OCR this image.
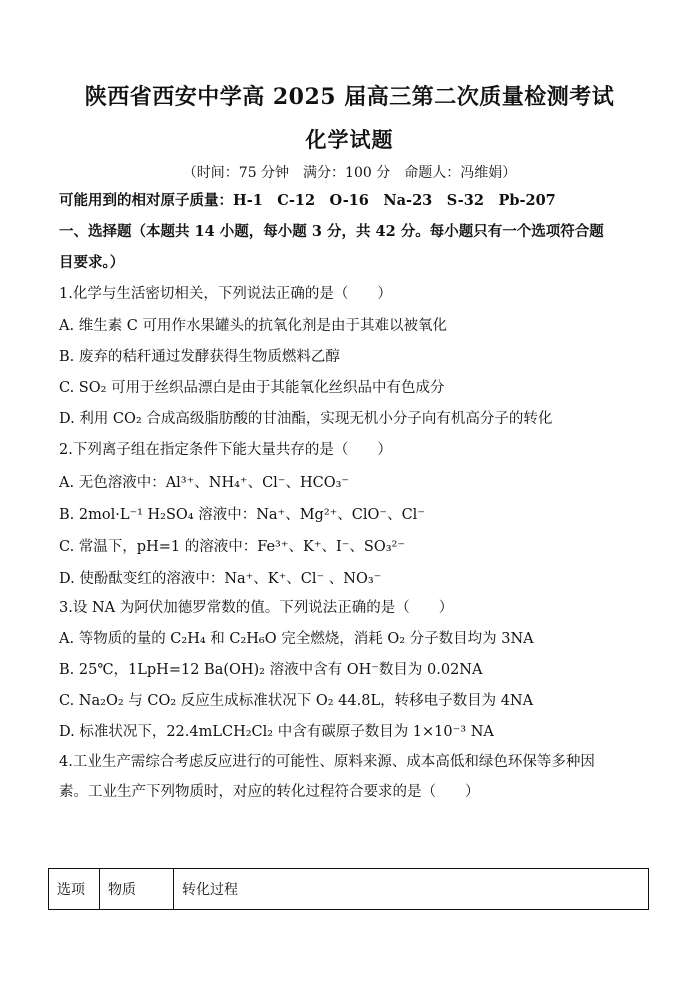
陕西省西安中学高 2025 届高三第二次质量检测考试
化学试题
（时间：75 分钟　满分：100 分　命题人：冯维娟）
可能用到的相对原子质量：H-1　C-12　O-16　Na-23　S-32　Pb-207
一、选择题（本题共 14 小题，每小题 3 分，共 42 分。每小题只有一个选项符合题
目要求。）
1.化学与生活密切相关，下列说法正确的是（　　）
A. 维生素 C 可用作水果罐头的抗氧化剂是由于其难以被氧化
B. 废弃的秸秆通过发酵获得生物质燃料乙醇
C. SO₂ 可用于丝织品漂白是由于其能氧化丝织品中有色成分
D. 利用 CO₂ 合成高级脂肪酸的甘油酯，实现无机小分子向有机高分子的转化
2.下列离子组在指定条件下能大量共存的是（　　）
A. 无色溶液中：Al³⁺、NH₄⁺、Cl⁻、HCO₃⁻
B. 2mol·L⁻¹ H₂SO₄ 溶液中：Na⁺、Mg²⁺、ClO⁻、Cl⁻
C. 常温下，pH=1 的溶液中：Fe³⁺、K⁺、I⁻、SO₃²⁻
D. 使酚酞变红的溶液中：Na⁺、K⁺、Cl⁻ 、NO₃⁻
3.设 NA 为阿伏加德罗常数的值。下列说法正确的是（　　）
A. 等物质的量的 C₂H₄ 和 C₂H₆O 完全燃烧，消耗 O₂ 分子数目均为 3NA
B. 25℃，1LpH=12 Ba(OH)₂ 溶液中含有 OH⁻数目为 0.02NA
C. Na₂O₂ 与 CO₂ 反应生成标准状况下 O₂ 44.8L，转移电子数目为 4NA
D. 标准状况下，22.4mLCH₂Cl₂ 中含有碳原子数目为 1×10⁻³ NA
4.工业生产需综合考虑反应进行的可能性、原料来源、成本高低和绿色环保等多种因
素。工业生产下列物质时，对应的转化过程符合要求的是（　　）
选项	物质	转化过程
